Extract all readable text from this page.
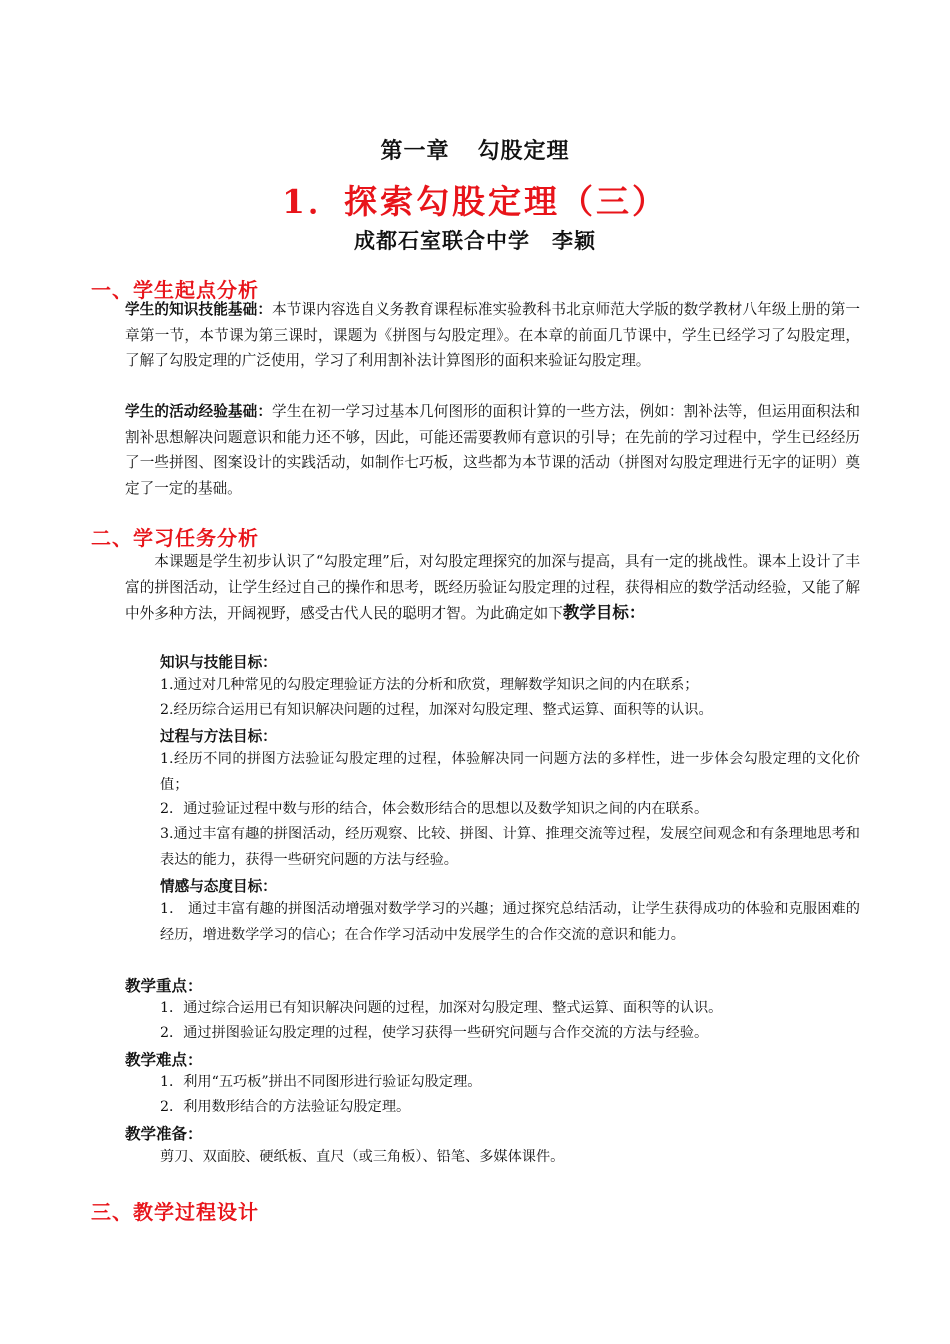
第一章 勾股定理
1．探索勾股定理（三）
成都石室联合中学 李颖
一、学生起点分析
学生的知识技能基础：本节课内容选自义务教育课程标准实验教科书北京师范大学版的数学教材八年级上册的第一章第一节，本节课为第三课时，课题为《拼图与勾股定理》。在本章的前面几节课中，学生已经学习了勾股定理，了解了勾股定理的广泛使用，学习了利用割补法计算图形的面积来验证勾股定理。
学生的活动经验基础：学生在初一学习过基本几何图形的面积计算的一些方法，例如：割补法等，但运用面积法和割补思想解决问题意识和能力还不够，因此，可能还需要教师有意识的引导；在先前的学习过程中，学生已经经历了一些拼图、图案设计的实践活动，如制作七巧板，这些都为本节课的活动（拼图对勾股定理进行无字的证明）奠定了一定的基础。
二、学习任务分析
本课题是学生初步认识了“勾股定理”后，对勾股定理探究的加深与提高，具有一定的挑战性。课本上设计了丰富的拼图活动，让学生经过自己的操作和思考，既经历验证勾股定理的过程，获得相应的数学活动经验，又能了解中外多种方法，开阔视野，感受古代人民的聪明才智。为此确定如下教学目标：
知识与技能目标：
1.通过对几种常见的勾股定理验证方法的分析和欣赏，理解数学知识之间的内在联系；
2.经历综合运用已有知识解决问题的过程，加深对勾股定理、整式运算、面积等的认识。
过程与方法目标：
1.经历不同的拼图方法验证勾股定理的过程，体验解决同一问题方法的多样性，进一步体会勾股定理的文化价值；
2．通过验证过程中数与形的结合，体会数形结合的思想以及数学知识之间的内在联系。
3.通过丰富有趣的拼图活动，经历观察、比较、拼图、计算、推理交流等过程，发展空间观念和有条理地思考和表达的能力，获得一些研究问题的方法与经验。
情感与态度目标：
1． 通过丰富有趣的拼图活动增强对数学学习的兴趣；通过探究总结活动，让学生获得成功的体验和克服困难的经历，增进数学学习的信心；在合作学习活动中发展学生的合作交流的意识和能力。
教学重点：
1．通过综合运用已有知识解决问题的过程，加深对勾股定理、整式运算、面积等的认识。
2．通过拼图验证勾股定理的过程，使学习获得一些研究问题与合作交流的方法与经验。
教学难点：
1．利用“五巧板”拼出不同图形进行验证勾股定理。
2．利用数形结合的方法验证勾股定理。
教学准备：
剪刀、双面胶、硬纸板、直尺（或三角板）、铅笔、多媒体课件。
三、教学过程设计
